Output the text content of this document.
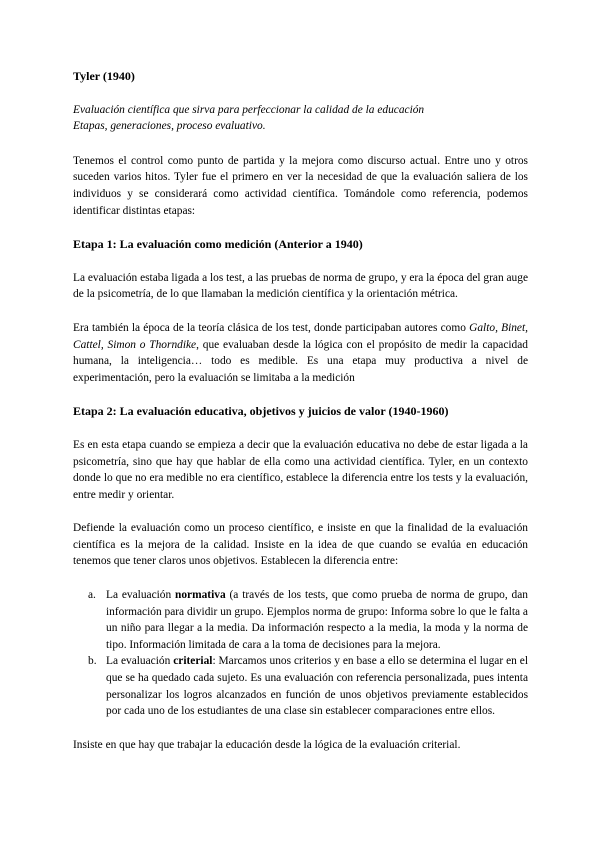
Tyler (1940)
Evaluación científica que sirva para perfeccionar la calidad de la educación
Etapas, generaciones, proceso evaluativo.

Tenemos el control como punto de partida y la mejora como discurso actual. Entre uno y otros suceden varios hitos. Tyler fue el primero en ver la necesidad de que la evaluación saliera de los individuos y se considerará como actividad científica. Tomándole como referencia, podemos identificar distintas etapas:

Etapa 1: La evaluación como medición (Anterior a 1940)

La evaluación estaba ligada a los test, a las pruebas de norma de grupo, y era la época del gran auge de la psicometría, de lo que llamaban la medición científica y la orientación métrica.

Era también la época de la teoría clásica de los test, donde participaban autores como Galto, Binet, Cattel, Simon o Thorndike, que evaluaban desde la lógica con el propósito de medir la capacidad humana, la inteligencia… todo es medible. Es una etapa muy productiva a nivel de experimentación, pero la evaluación se limitaba a la medición

Etapa 2: La evaluación educativa, objetivos y juicios de valor (1940-1960)

Es en esta etapa cuando se empieza a decir que la evaluación educativa no debe de estar ligada a la psicometría, sino que hay que hablar de ella como una actividad científica. Tyler, en un contexto donde lo que no era medible no era científico, establece la diferencia entre los tests y la evaluación, entre medir y orientar.

Defiende la evaluación como un proceso científico, e insiste en que la finalidad de la evaluación científica es la mejora de la calidad. Insiste en la idea de que cuando se evalúa en educación tenemos que tener claros unos objetivos. Establecen la diferencia entre:

a. La evaluación normativa (a través de los tests, que como prueba de norma de grupo, dan información para dividir un grupo. Ejemplos norma de grupo: Informa sobre lo que le falta a un niño para llegar a la media. Da información respecto a la media, la moda y la norma de tipo. Información limitada de cara a la toma de decisiones para la mejora.
b. La evaluación criterial: Marcamos unos criterios y en base a ello se determina el lugar en el que se ha quedado cada sujeto. Es una evaluación con referencia personalizada, pues intenta personalizar los logros alcanzados en función de unos objetivos previamente establecidos por cada uno de los estudiantes de una clase sin establecer comparaciones entre ellos.

Insiste en que hay que trabajar la educación desde la lógica de la evaluación criterial.
